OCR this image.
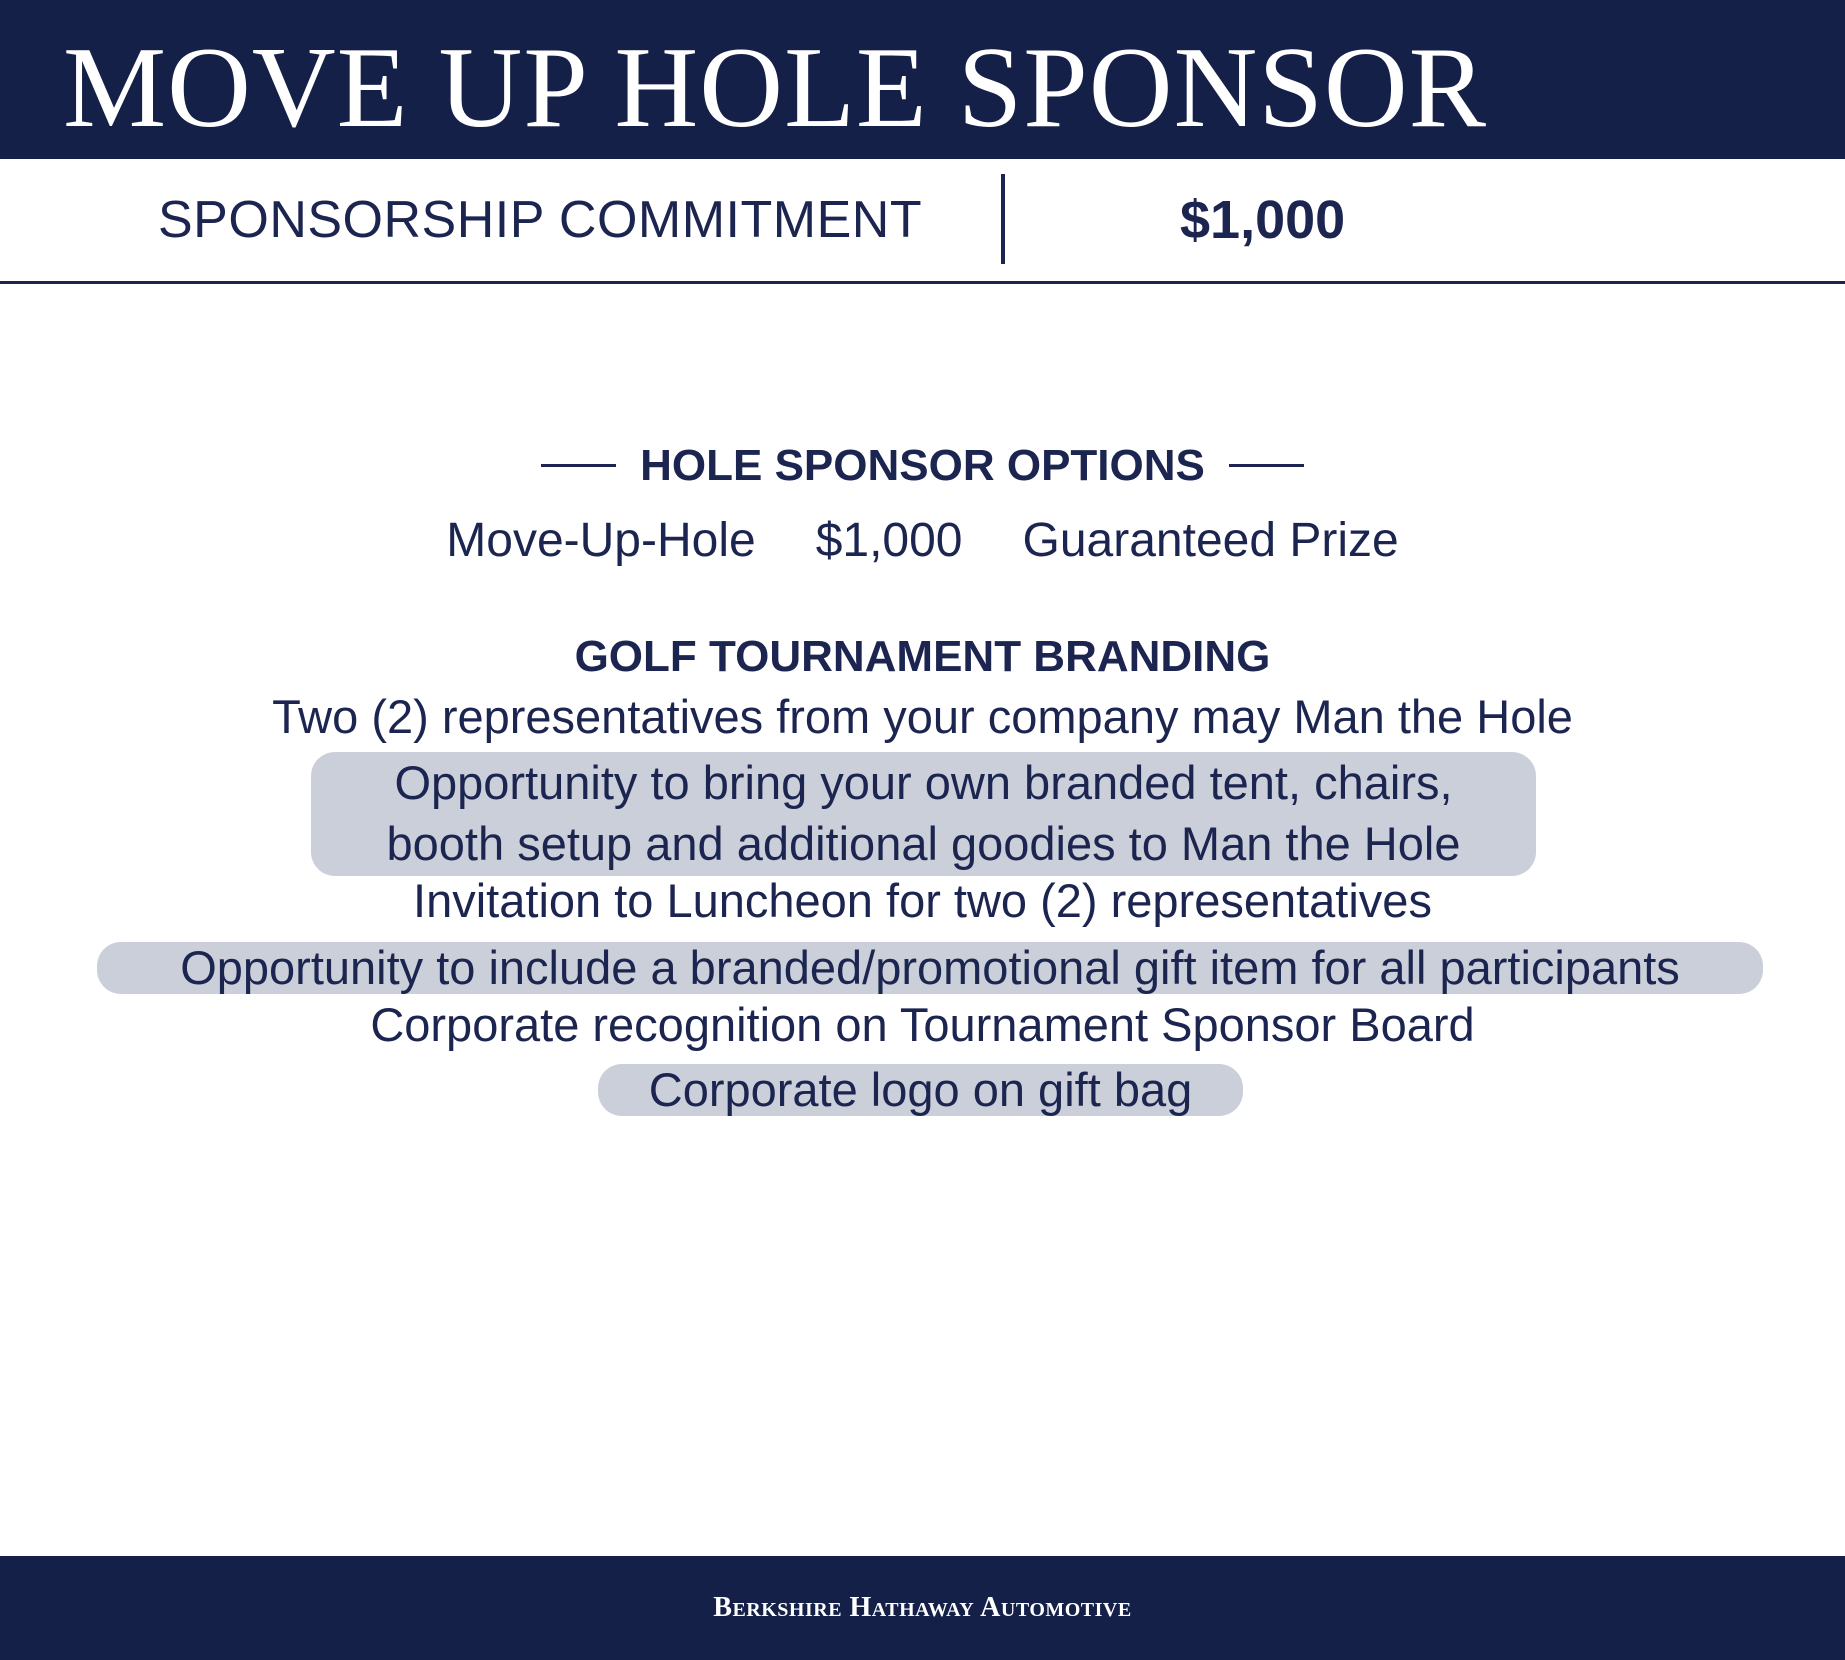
MOVE UP HOLE SPONSOR
SPONSORSHIP COMMITMENT	$1,000
HOLE SPONSOR OPTIONS
Move-Up-Hole $1,000 Guaranteed Prize
GOLF TOURNAMENT BRANDING
Two (2) representatives from your company may Man the Hole
Opportunity to bring your own branded tent, chairs,
booth setup and additional goodies to Man the Hole
Invitation to Luncheon for two (2) representatives
Opportunity to include a branded/promotional gift item for all participants
Corporate recognition on Tournament Sponsor Board
Corporate logo on gift bag
Berkshire Hathaway Automotive
